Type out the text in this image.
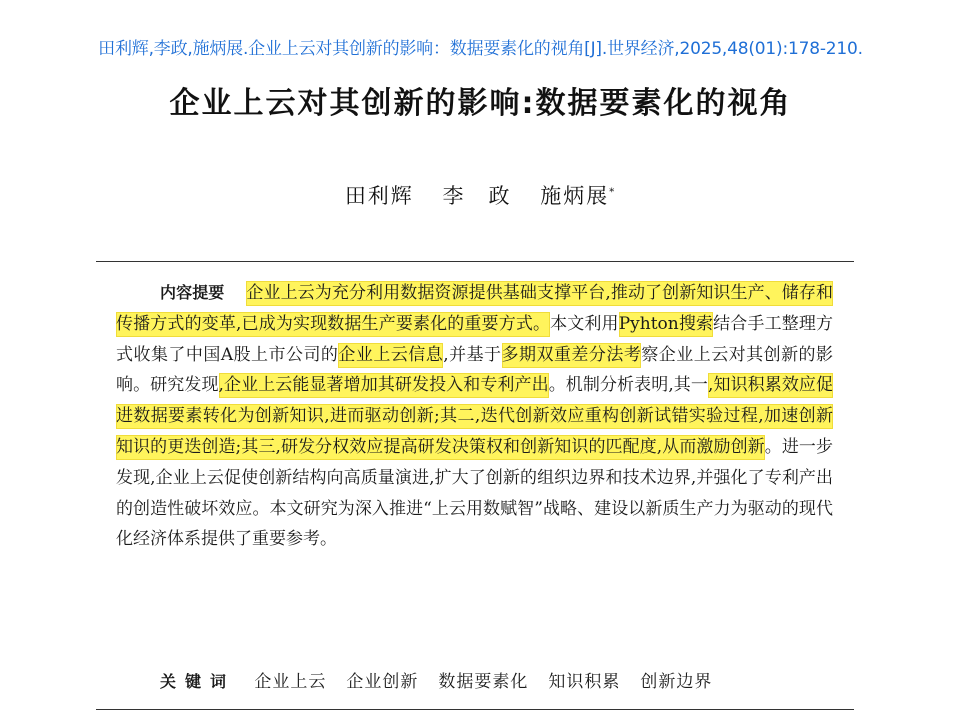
田利辉,李政,施炳展.企业上云对其创新的影响：数据要素化的视角[J].世界经济,2025,48(01):178-210.
企业上云对其创新的影响:数据要素化的视角
田利辉 李　政 施炳展*
内容提要 企业上云为充分利用数据资源提供基础支撑平台,推动了创新知识生产、储存和传播方式的变革,已成为实现数据生产要素化的重要方式。本文利用Pyhton搜索结合手工整理方式收集了中国A股上市公司的企业上云信息,并基于多期双重差分法考察企业上云对其创新的影响。研究发现,企业上云能显著增加其研发投入和专利产出。机制分析表明,其一,知识积累效应促进数据要素转化为创新知识,进而驱动创新;其二,迭代创新效应重构创新试错实验过程,加速创新知识的更迭创造;其三,研发分权效应提高研发决策权和创新知识的匹配度,从而激励创新。进一步发现,企业上云促使创新结构向高质量演进,扩大了创新的组织边界和技术边界,并强化了专利产出的创造性破坏效应。本文研究为深入推进“上云用数赋智”战略、建设以新质生产力为驱动的现代化经济体系提供了重要参考。
关键词 企业上云 企业创新 数据要素化 知识积累 创新边界
